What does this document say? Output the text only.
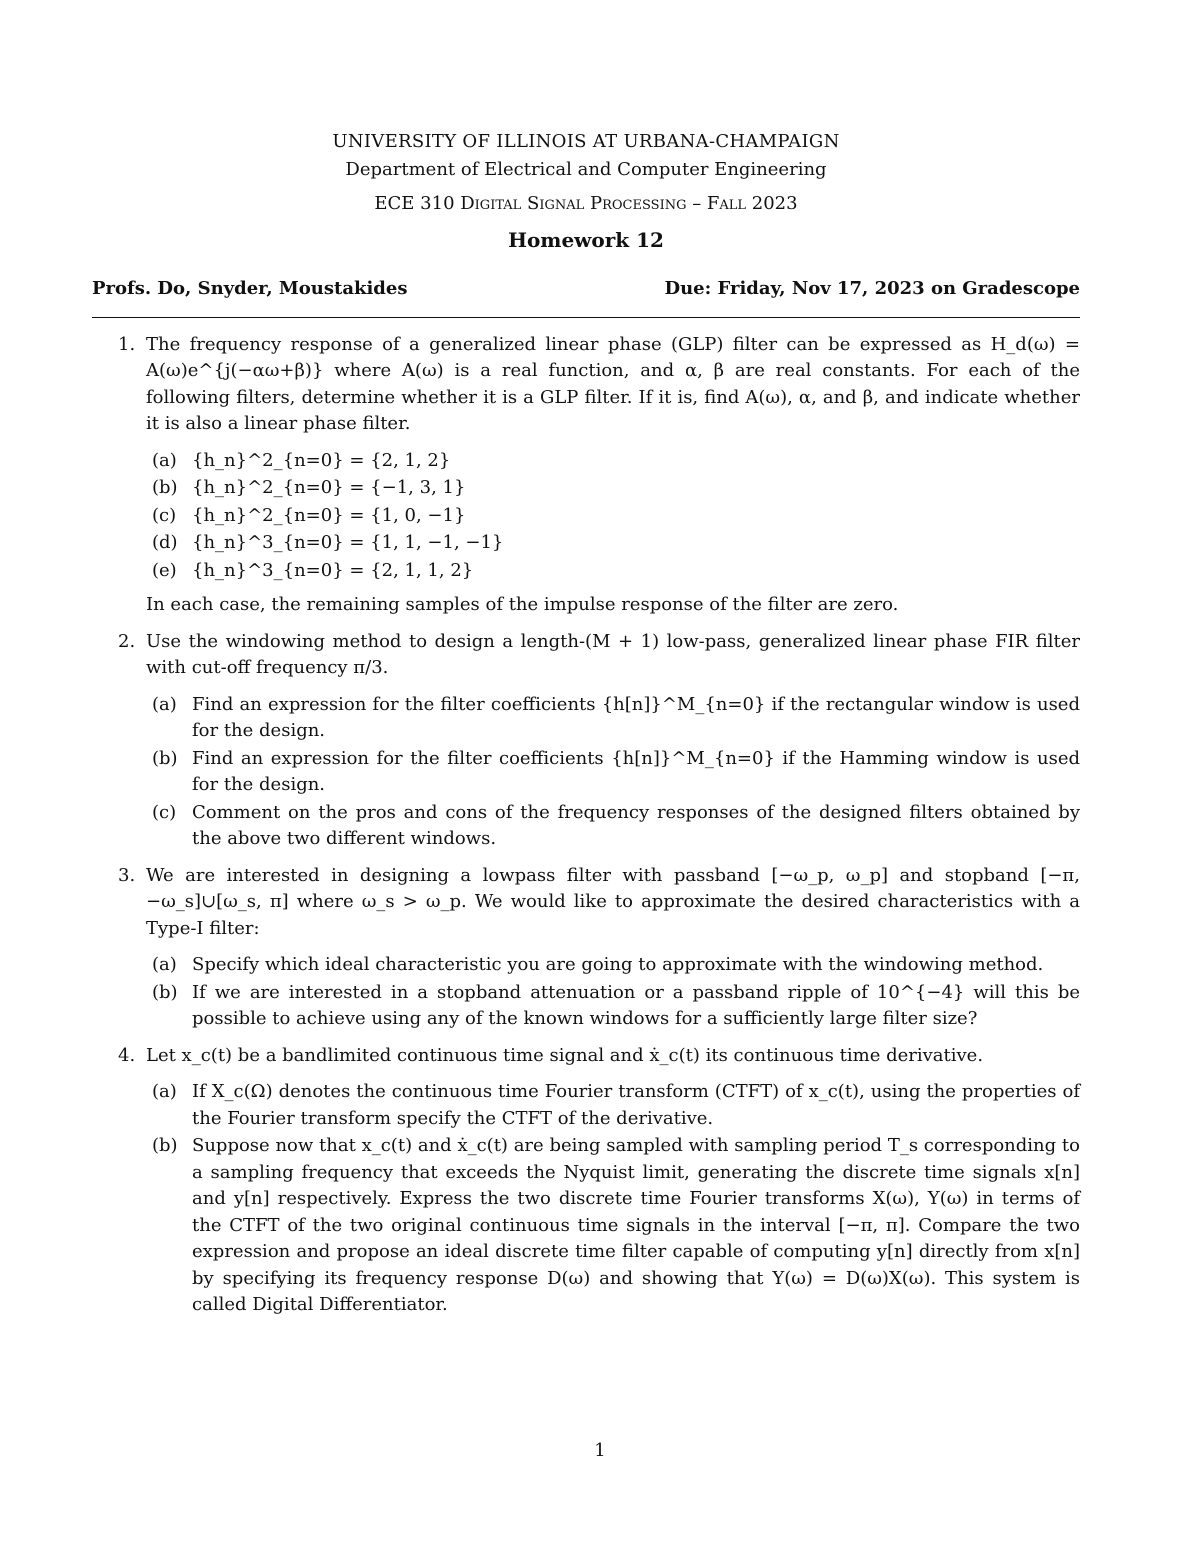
UNIVERSITY OF ILLINOIS AT URBANA-CHAMPAIGN
Department of Electrical and Computer Engineering
ECE 310 Digital Signal Processing – Fall 2023
Homework 12
Profs. Do, Snyder, Moustakides	Due: Friday, Nov 17, 2023 on Gradescope
1. The frequency response of a generalized linear phase (GLP) filter can be expressed as H_d(ω) = A(ω)e^{j(−αω+β)} where A(ω) is a real function, and α, β are real constants. For each of the following filters, determine whether it is a GLP filter. If it is, find A(ω), α, and β, and indicate whether it is also a linear phase filter.
(a) {h_n}^2_{n=0} = {2, 1, 2}
(b) {h_n}^2_{n=0} = {−1, 3, 1}
(c) {h_n}^2_{n=0} = {1, 0, −1}
(d) {h_n}^3_{n=0} = {1, 1, −1, −1}
(e) {h_n}^3_{n=0} = {2, 1, 1, 2}
In each case, the remaining samples of the impulse response of the filter are zero.
2. Use the windowing method to design a length-(M + 1) low-pass, generalized linear phase FIR filter with cut-off frequency π/3.
(a) Find an expression for the filter coefficients {h[n]}^M_{n=0} if the rectangular window is used for the design.
(b) Find an expression for the filter coefficients {h[n]}^M_{n=0} if the Hamming window is used for the design.
(c) Comment on the pros and cons of the frequency responses of the designed filters obtained by the above two different windows.
3. We are interested in designing a lowpass filter with passband [−ω_p, ω_p] and stopband [−π, −ω_s]∪[ω_s, π] where ω_s > ω_p. We would like to approximate the desired characteristics with a Type-I filter:
(a) Specify which ideal characteristic you are going to approximate with the windowing method.
(b) If we are interested in a stopband attenuation or a passband ripple of 10^{−4} will this be possible to achieve using any of the known windows for a sufficiently large filter size?
4. Let x_c(t) be a bandlimited continuous time signal and ẋ_c(t) its continuous time derivative.
(a) If X_c(Ω) denotes the continuous time Fourier transform (CTFT) of x_c(t), using the properties of the Fourier transform specify the CTFT of the derivative.
(b) Suppose now that x_c(t) and ẋ_c(t) are being sampled with sampling period T_s corresponding to a sampling frequency that exceeds the Nyquist limit, generating the discrete time signals x[n] and y[n] respectively. Express the two discrete time Fourier transforms X(ω), Y(ω) in terms of the CTFT of the two original continuous time signals in the interval [−π, π]. Compare the two expression and propose an ideal discrete time filter capable of computing y[n] directly from x[n] by specifying its frequency response D(ω) and showing that Y(ω) = D(ω)X(ω). This system is called Digital Differentiator.
1
